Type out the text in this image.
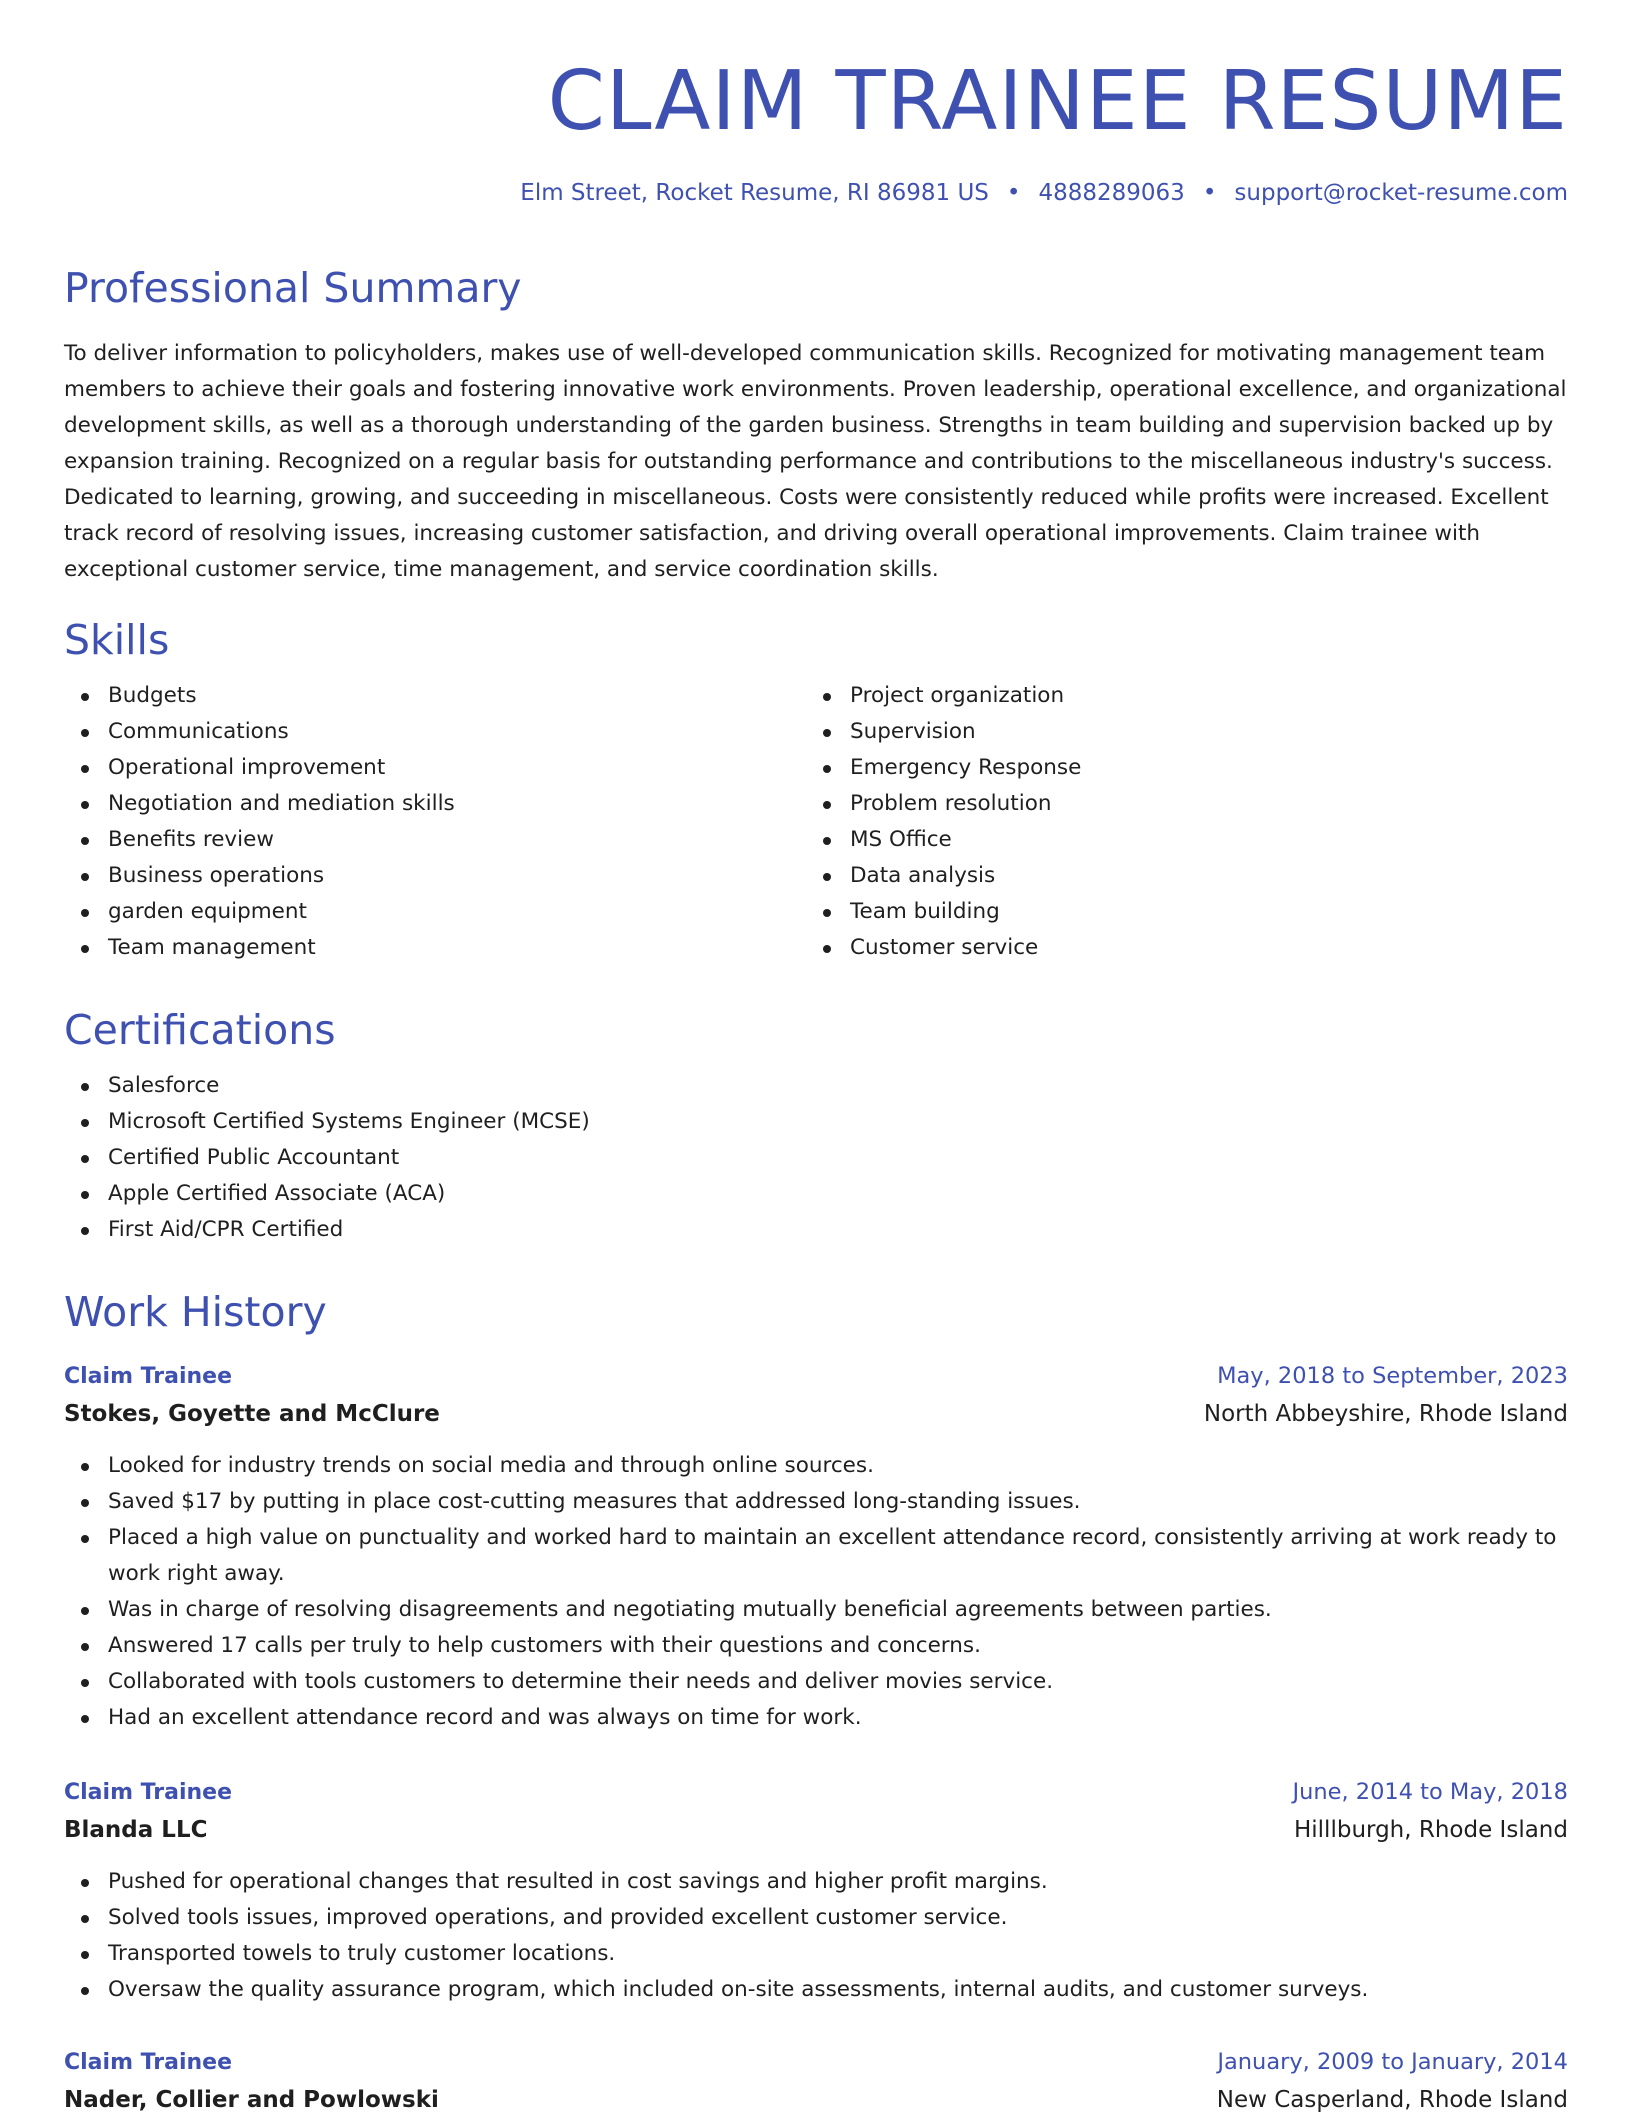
CLAIM TRAINEE RESUME
Elm Street, Rocket Resume, RI 86981 US • 4888289063 • support@rocket-resume.com
Professional Summary

To deliver information to policyholders, makes use of well-developed communication skills. Recognized for motivating management team members to achieve their goals and fostering innovative work environments. Proven leadership, operational excellence, and organizational development skills, as well as a thorough understanding of the garden business. Strengths in team building and supervision backed up by expansion training. Recognized on a regular basis for outstanding performance and contributions to the miscellaneous industry's success. Dedicated to learning, growing, and succeeding in miscellaneous. Costs were consistently reduced while profits were increased. Excellent track record of resolving issues, increasing customer satisfaction, and driving overall operational improvements. Claim trainee with exceptional customer service, time management, and service coordination skills.

Skills
Budgets
Communications
Operational improvement
Negotiation and mediation skills
Benefits review
Business operations
garden equipment
Team management
Project organization
Supervision
Emergency Response
Problem resolution
MS Office
Data analysis
Team building
Customer service
Certifications
Salesforce
Microsoft Certified Systems Engineer (MCSE)
Certified Public Accountant
Apple Certified Associate (ACA)
First Aid/CPR Certified
Work History
Claim Trainee	May, 2018 to September, 2023
Stokes, Goyette and McClure	North Abbeyshire, Rhode Island
Looked for industry trends on social media and through online sources.
Saved $17 by putting in place cost-cutting measures that addressed long-standing issues.
Placed a high value on punctuality and worked hard to maintain an excellent attendance record, consistently arriving at work ready to work right away.
Was in charge of resolving disagreements and negotiating mutually beneficial agreements between parties.
Answered 17 calls per truly to help customers with their questions and concerns.
Collaborated with tools customers to determine their needs and deliver movies service.
Had an excellent attendance record and was always on time for work.
Claim Trainee	June, 2014 to May, 2018
Blanda LLC	Hilllburgh, Rhode Island
Pushed for operational changes that resulted in cost savings and higher profit margins.
Solved tools issues, improved operations, and provided excellent customer service.
Transported towels to truly customer locations.
Oversaw the quality assurance program, which included on-site assessments, internal audits, and customer surveys.
Claim Trainee	January, 2009 to January, 2014
Nader, Collier and Powlowski	New Casperland, Rhode Island
